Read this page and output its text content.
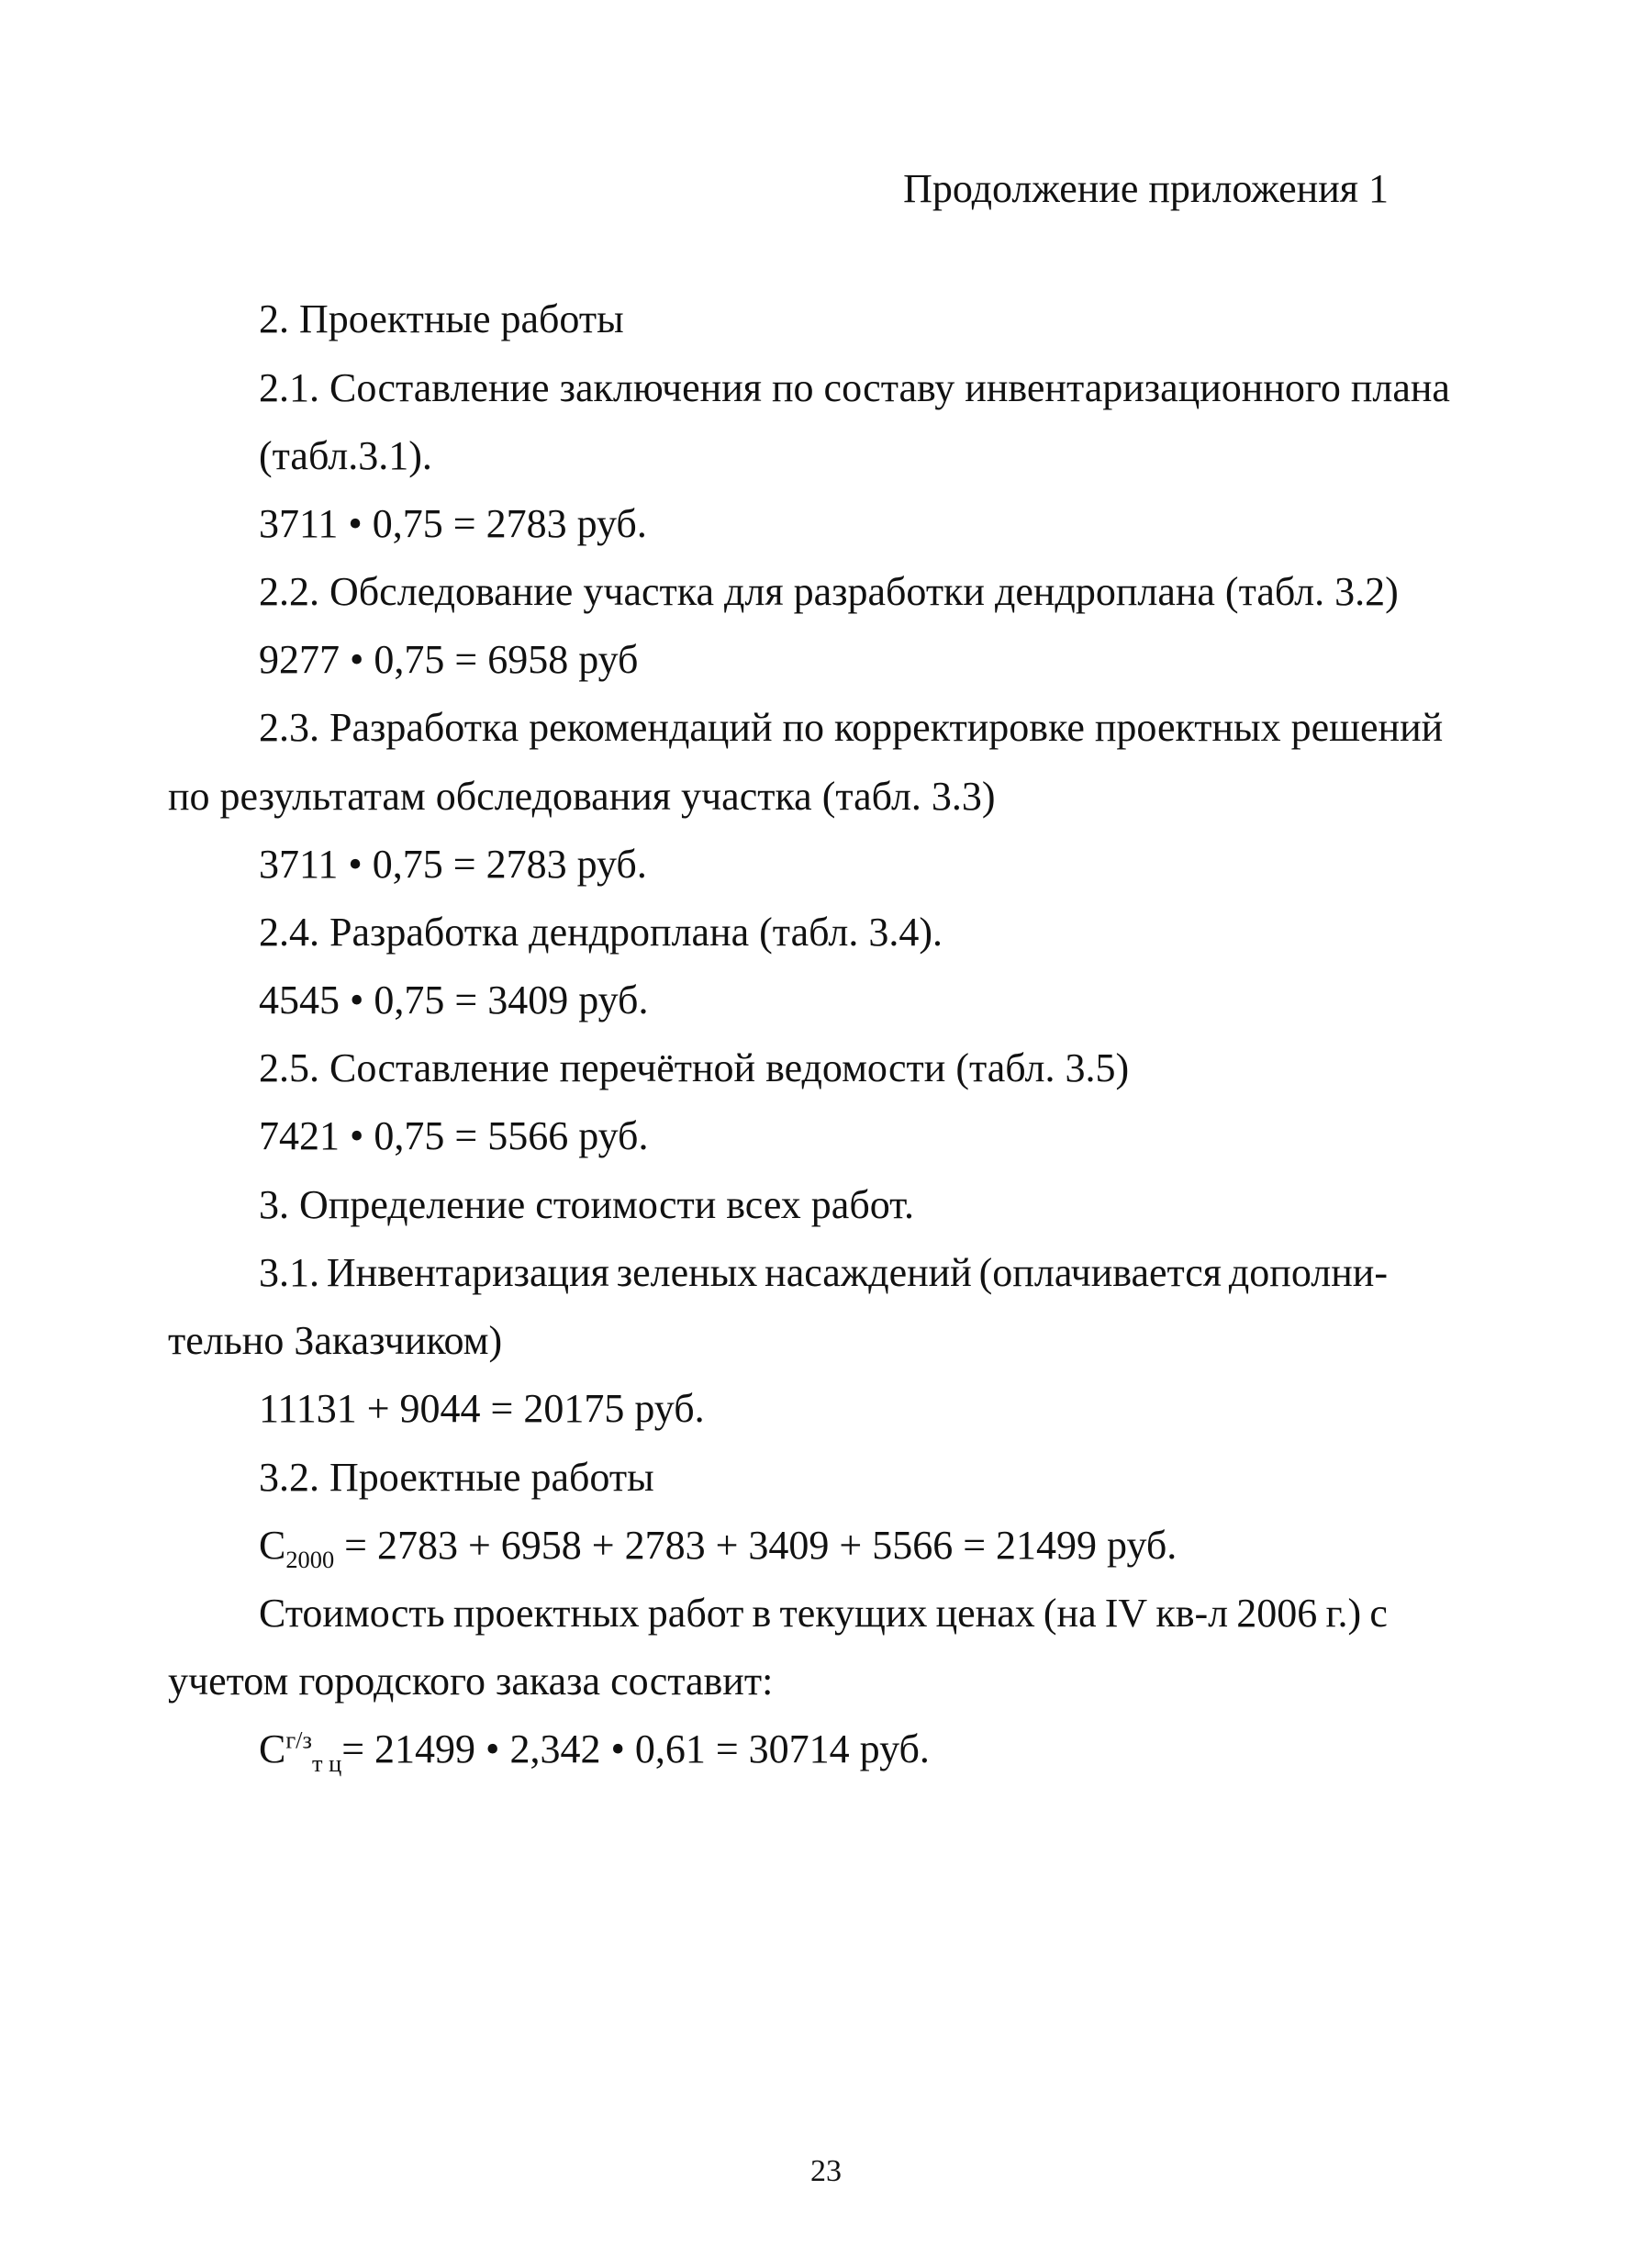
Продолжение приложения 1
2. Проектные работы
2.1. Составление заключения по составу инвентаризационного плана
(табл.3.1).
3711 • 0,75 = 2783 руб.
2.2. Обследование участка для разработки дендроплана (табл. 3.2)
9277 • 0,75 = 6958 руб
2.3. Разработка рекомендаций по корректировке проектных решений
по результатам обследования участка (табл. 3.3)
3711 • 0,75 = 2783 руб.
2.4. Разработка дендроплана (табл. 3.4).
4545 • 0,75 = 3409 руб.
2.5. Составление перечётной ведомости (табл. 3.5)
7421 • 0,75 = 5566 руб.
3. Определение стоимости всех работ.
3.1. Инвентаризация зеленых насаждений (оплачивается дополни-
тельно Заказчиком)
11131 + 9044 = 20175 руб.
3.2. Проектные работы
$С_{2000} = 2783 + 6958 + 2783 + 3409 + 5566 = 21499$ руб.
Стоимость проектных работ в текущих ценах (на IV кв-л 2006 г.) с
учетом городского заказа составит:
$С^{г/з}_{т ц}= 21499$ • 2,342 • 0,61 = 30714 руб.
23
